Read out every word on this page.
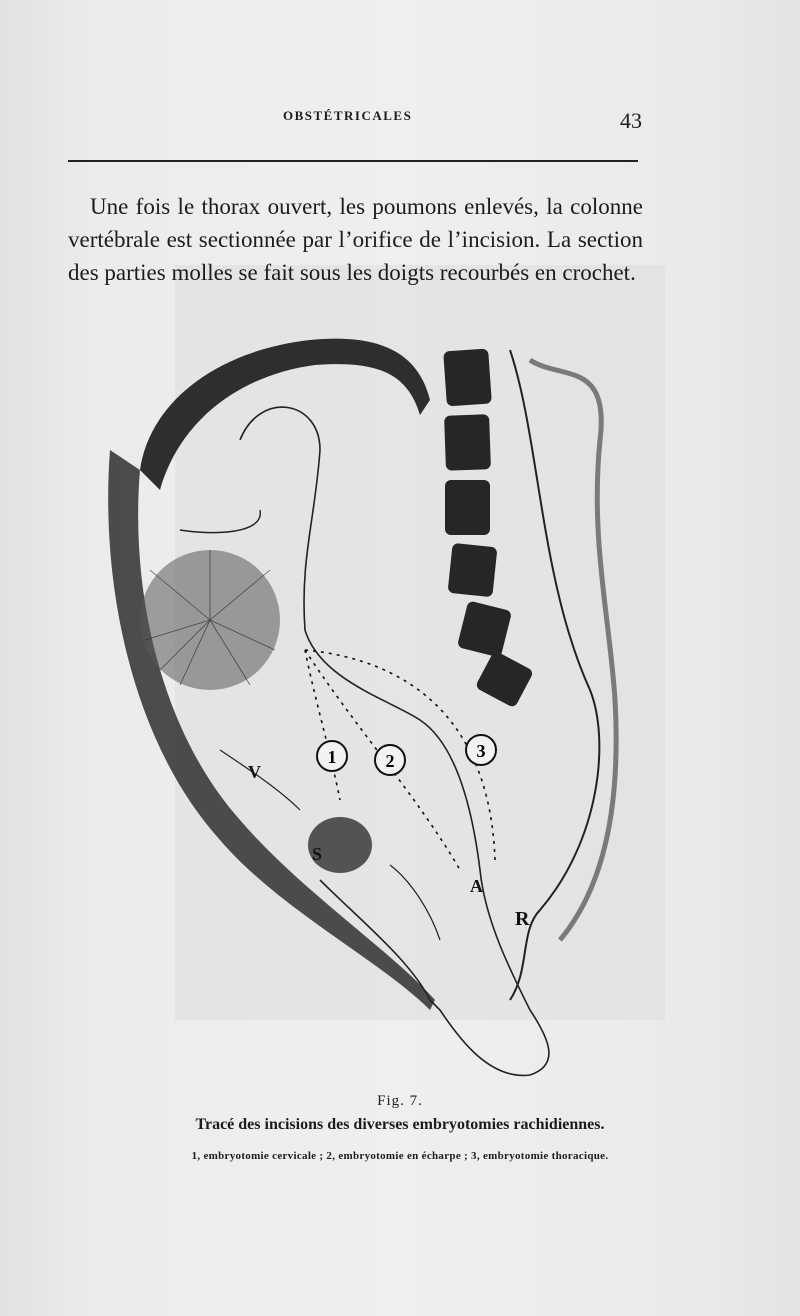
OBSTÉTRICALES	43

Une fois le thorax ouvert, les poumons enlevés, la colonne vertébrale est sectionnée par l’orifice de l’incision. La section des parties molles se fait sous les doigts recourbés en crochet.

1	2	3
V
S
A
R
Fig. 7.
Tracé des incisions des diverses embryotomies rachidiennes.
1, embryotomie cervicale ; 2, embryotomie en écharpe ; 3, embryotomie thoracique.
